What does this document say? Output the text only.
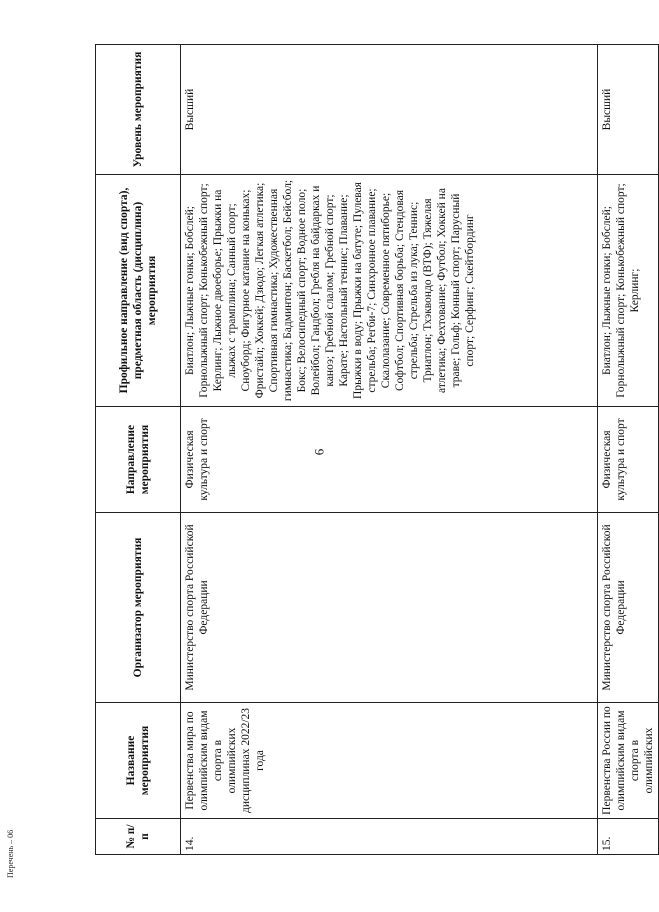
6
№ п/п	Название мероприятия	Организатор мероприятия	Направление мероприятия	Профильное направление (вид спорта), предметная область (дисциплина) мероприятия	Уровень мероприятия
14.	Первенства мира по олимпийским видам спорта в олимпийских дисциплинах 2022/23 года	Министерство спорта Российской Федерации	Физическая культура и спорт	Биатлон; Лыжные гонки; Бобслей; Горнолыжный спорт; Конькобежный спорт; Керлинг; Лыжное двоеборье; Прыжки на лыжах с трамплина; Санный спорт; Сноуборд; Фигурное катание на коньках; Фристайл; Хоккей; Дзюдо; Легкая атлетика; Спортивная гимнастика; Художественная гимнастика; Бадминтон; Баскетбол; Бейсбол; Бокс; Велосипедный спорт; Водное поло; Волейбол; Гандбол; Гребля на байдарках и каноэ; Гребной слалом; Гребной спорт; Карате; Настольный теннис; Плавание; Прыжки в воду; Прыжки на батуте; Пулевая стрельба; Регби-7; Синхронное плавание; Скалолазание; Современное пятиборье; Софтбол; Спортивная борьба; Стендовая стрельба; Стрельба из лука; Теннис; Триатлон; Тхэквондо (ВТФ); Тяжелая атлетика; Фехтование; Футбол; Хоккей на траве; Гольф; Конный спорт; Парусный спорт; Серфинг; Скейтбординг	Высший
15.	Первенства России по олимпийским видам спорта в олимпийских	Министерство спорта Российской Федерации	Физическая культура и спорт	Биатлон; Лыжные гонки; Бобслей; Горнолыжный спорт; Конькобежный спорт; Керлинг;	Высший
Перечень – 06
